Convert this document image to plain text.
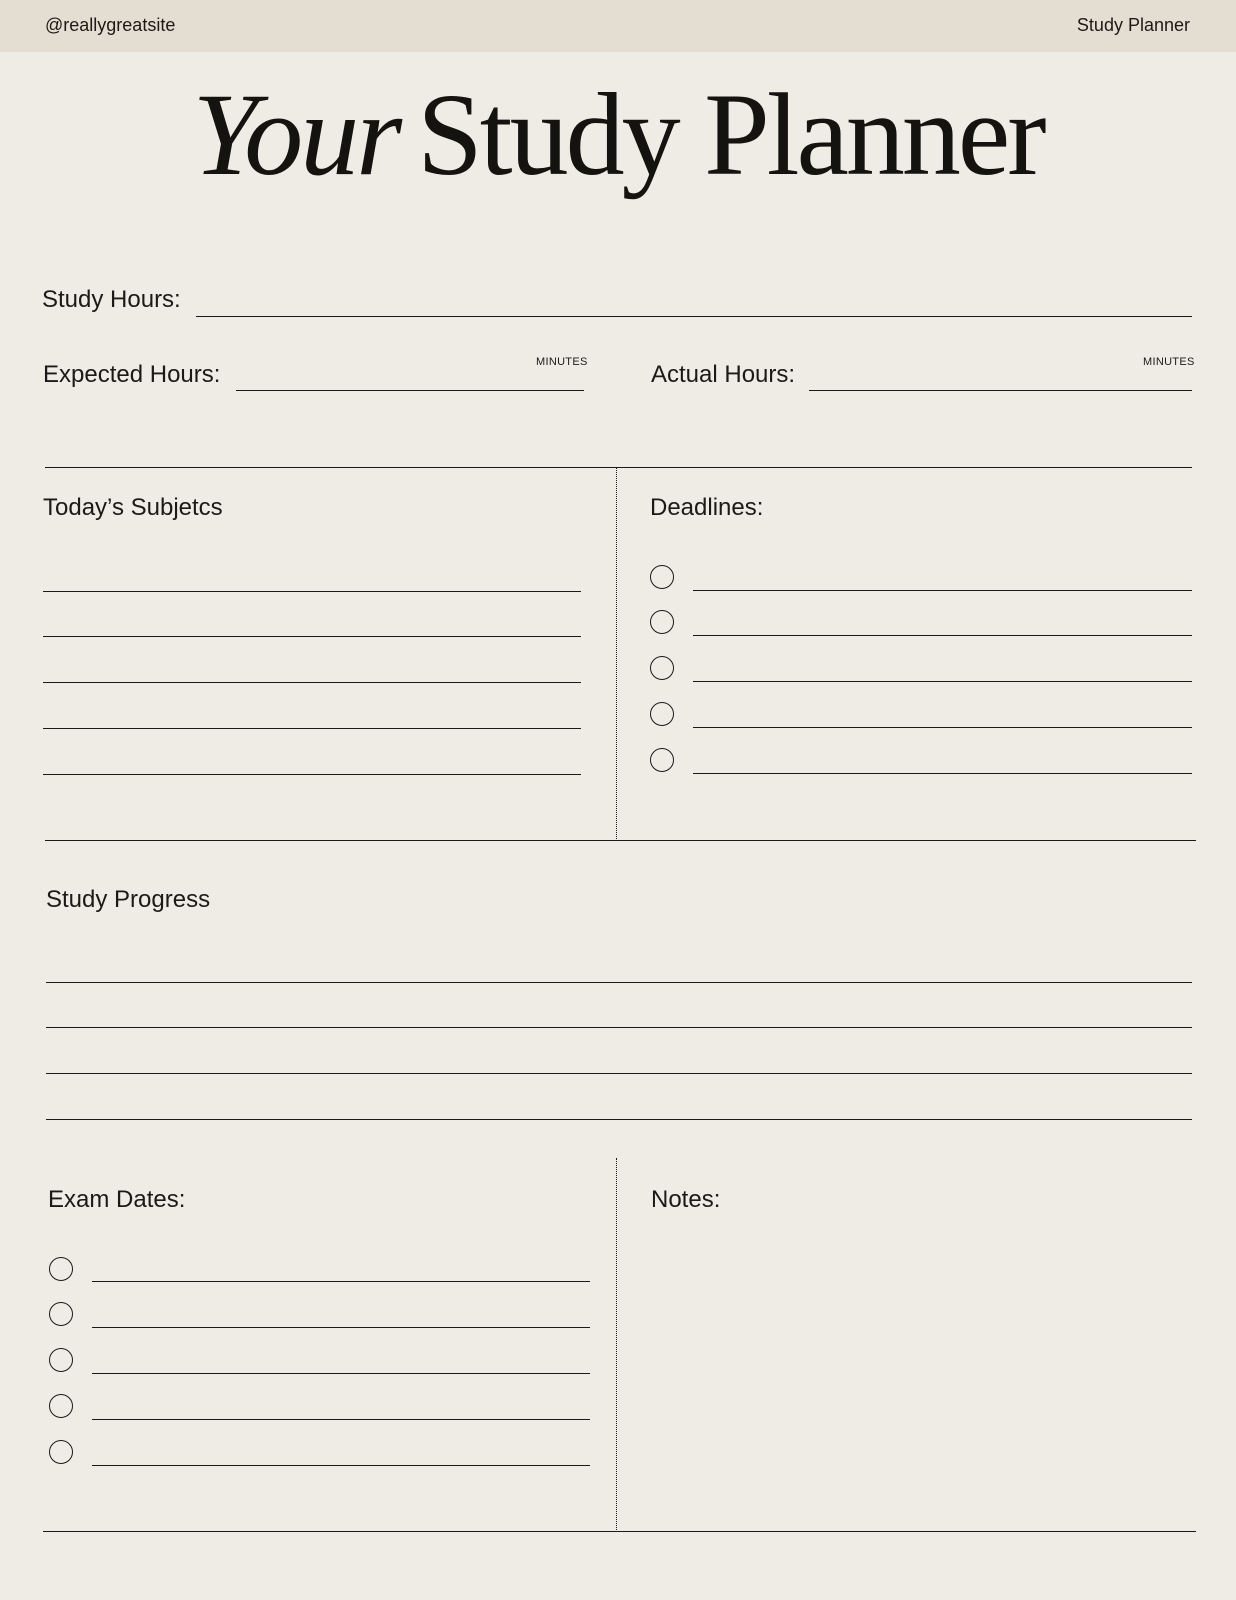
@reallygreatsite	Study Planner
Your Study Planner
Study Hours:
Expected Hours:	MINUTES	Actual Hours:	MINUTES
Today’s Subjetcs	Deadlines:
Study Progress
Exam Dates:	Notes:
